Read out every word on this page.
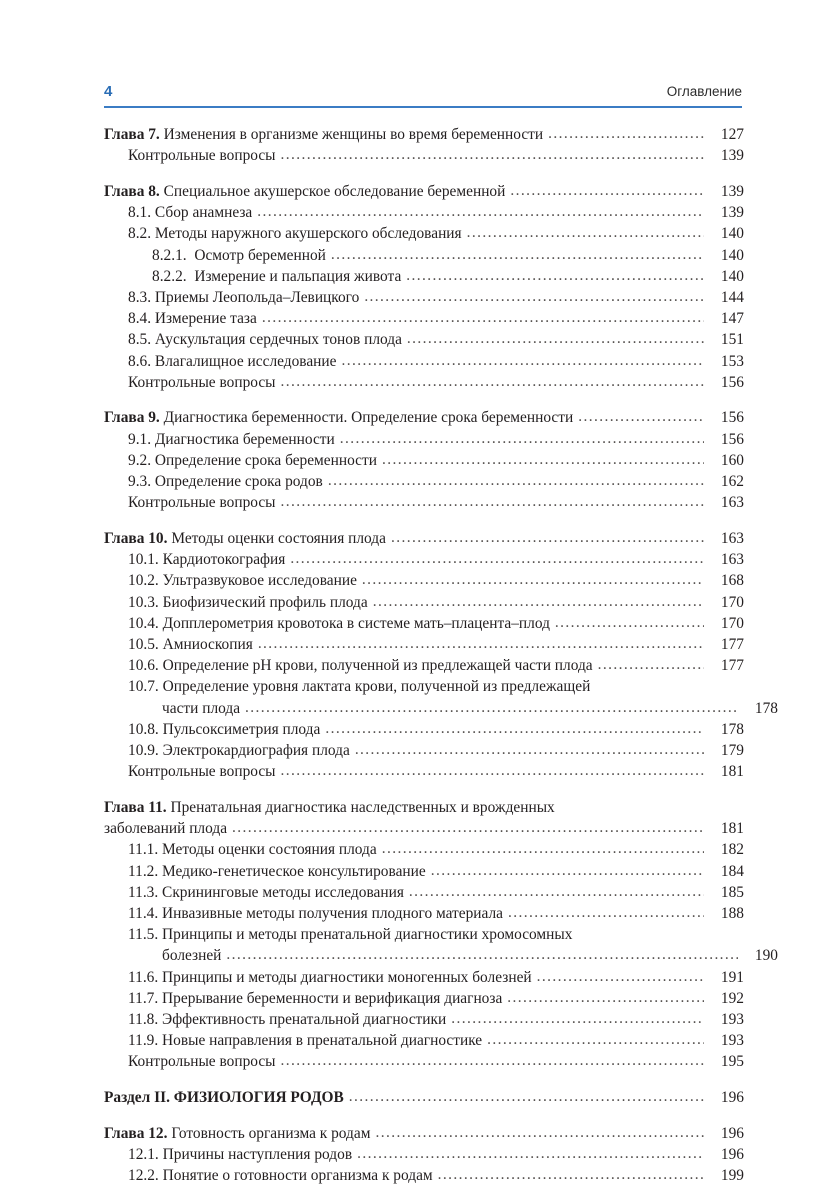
4	Оглавление
Глава 7. Изменения в организме женщины во время беременности .....	127
Контрольные вопросы .....	139
Глава 8. Специальное акушерское обследование беременной .....	139
8.1. Сбор анамнеза .....	139
8.2. Методы наружного акушерского обследования .....	140
8.2.1.  Осмотр беременной .....	140
8.2.2.  Измерение и пальпация живота .....	140
8.3. Приемы Леопольда–Левицкого .....	144
8.4. Измерение таза .....	147
8.5. Аускультация сердечных тонов плода .....	151
8.6. Влагалищное исследование .....	153
Контрольные вопросы .....	156
Глава 9. Диагностика беременности. Определение срока беременности .....	156
9.1. Диагностика беременности .....	156
9.2. Определение срока беременности .....	160
9.3. Определение срока родов .....	162
Контрольные вопросы .....	163
Глава 10. Методы оценки состояния плода .....	163
10.1. Кардиотокография .....	163
10.2. Ультразвуковое исследование .....	168
10.3. Биофизический профиль плода .....	170
10.4. Допплерометрия кровотока в системе мать–плацента–плод .....	170
10.5. Амниоскопия .....	177
10.6. Определение рН крови, полученной из предлежащей части плода .....	177
10.7. Определение уровня лактата крови, полученной из предлежащей
части плода .....	178
10.8. Пульсоксиметрия плода .....	178
10.9. Электрокардиография плода .....	179
Контрольные вопросы .....	181
Глава 11. Пренатальная диагностика наследственных и врожденных
заболеваний плода .....	181
11.1. Методы оценки состояния плода .....	182
11.2. Медико-генетическое консультирование .....	184
11.3. Скрининговые методы исследования .....	185
11.4. Инвазивные методы получения плодного материала .....	188
11.5. Принципы и методы пренатальной диагностики хромосомных
болезней .....	190
11.6. Принципы и методы диагностики моногенных болезней .....	191
11.7. Прерывание беременности и верификация диагноза .....	192
11.8. Эффективность пренатальной диагностики .....	193
11.9. Новые направления в пренатальной диагностике .....	193
Контрольные вопросы .....	195
Раздел II. ФИЗИОЛОГИЯ РОДОВ .....	196
Глава 12. Готовность организма к родам .....	196
12.1. Причины наступления родов .....	196
12.2. Понятие о готовности организма к родам .....	199
